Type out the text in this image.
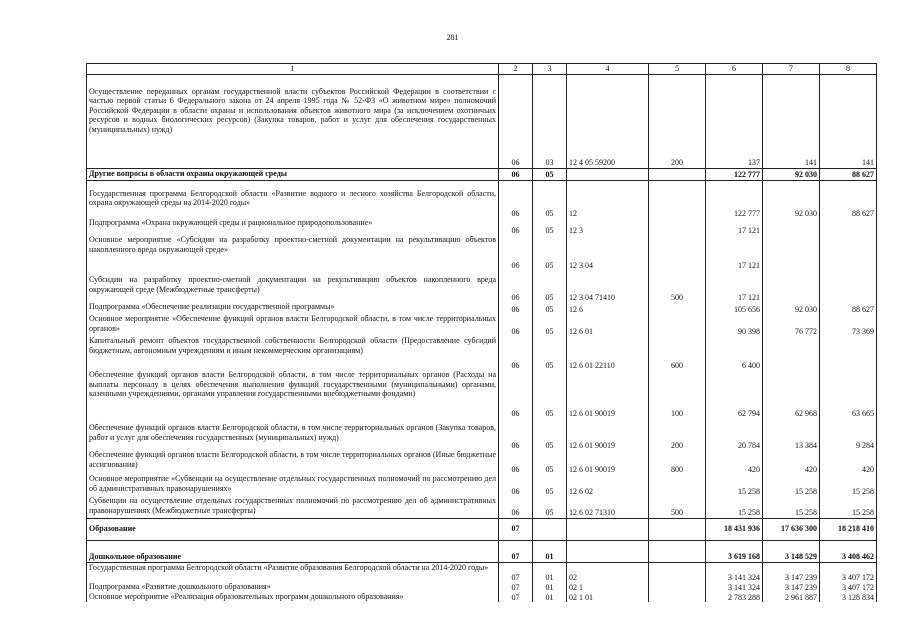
281
1	2	3	4	5	6	7	8
Осуществление переданных органам государственной власти субъектов Российской Федерации в соответствии с частью первой статьи 6 Федерального закона от 24 апреля 1995 года № 52-ФЗ «О животном мире» полномочий Российской Федерации в области охраны и использования объектов животного мира (за исключением охотничьих ресурсов и водных биологических ресурсов) (Закупка товаров, работ и услуг для обеспечения государственных (муниципальных) нужд)	06	03	12 4 05 59200	200	137	141	141
Другие вопросы в области охраны окружающей среды	06	05			122 777	92 030	88 627
Государственная программа Белгородской области «Развитие водного и лесного хозяйства Белгородской области, охрана окружающей среды на 2014-2020 годы»	06	05	12		122 777	92 030	88 627
Подпрограмма «Охрана окружающей среды и рациональное природопользование»	06	05	12 3		17 121		
Основное мероприятие «Субсидии на разработку проектно-сметной документации на рекультивацию объектов накопленного вреда окружающей среде»	06	05	12 3 04		17 121		
Субсидии на разработку проектно-сметной документации на рекультивацию объектов накопленного вреда окружающей среде (Межбюджетные трансферты)	06	05	12 3 04 71410	500	17 121		
Подпрограмма «Обеспечение реализации государственной программы»	06	05	12 6		105 656	92 030	88 627
Основное мероприятие «Обеспечение функций органов власти Белгородской области, в том числе территориальных органов»	06	05	12 6 01		90 398	76 772	73 369
Капитальный ремонт объектов государственной собственности Белгородской области (Предоставление субсидий бюджетным, автономным учреждениям и иным некоммерческим организациям)	06	05	12 6 01 22110	600	6 400		
Обеспечение функций органов власти Белгородской области, в том числе территориальных органов (Расходы на выплаты персоналу в целях обеспечения выполнения функций государственными (муниципальными) органами, казенными учреждениями, органами управления государственными внебюджетными фондами)	06	05	12 6 01 90019	100	62 794	62 968	63 665
Обеспечение функций органов власти Белгородской области, в том числе территориальных органов (Закупка товаров, работ и услуг для обеспечения государственных (муниципальных) нужд)	06	05	12 6 01 90019	200	20 784	13 384	9 284
Обеспечение функций органов власти Белгородской области, в том числе территориальных органов (Иные бюджетные ассигнования)	06	05	12 6 01 90019	800	420	420	420
Основное мероприятие «Субвенции на осуществление отдельных государственных полномочий по рассмотрению дел об административных правонарушениях»	06	05	12 6 02		15 258	15 258	15 258
Субвенции на осуществление отдельных государственных полномочий по рассмотрению дел об административных правонарушениях (Межбюджетные трансферты)	06	05	12 6 02 71310	500	15 258	15 258	15 258
Образование	07				18 431 936	17 636 300	18 218 410
Дошкольное образование	07	01			3 619 168	3 148 529	3 408 462
Государственная программа Белгородской области «Развитие образования Белгородской области на 2014-2020 годы»	07	01	02		3 141 324	3 147 239	3 407 172
Подпрограмма «Развитие дошкольного образования»	07	01	02 1		3 141 324	3 147 239	3 407 172
Основное мероприятие «Реализация образовательных программ дошкольного образования»	07	01	02 1 01		2 783 288	2 961 887	3 128 834
